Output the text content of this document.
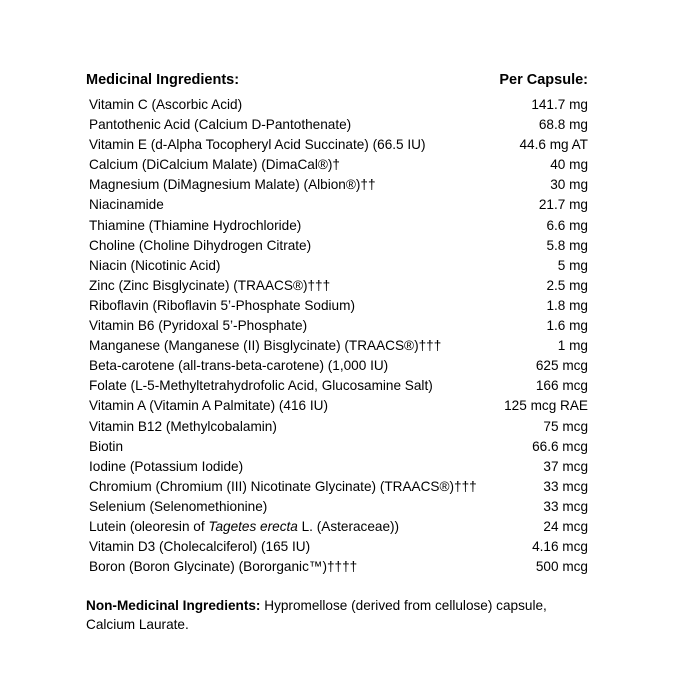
Medicinal Ingredients:	Per Capsule:
Vitamin C (Ascorbic Acid)	141.7 mg
Pantothenic Acid (Calcium D-Pantothenate)	68.8 mg
Vitamin E (d-Alpha Tocopheryl Acid Succinate) (66.5 IU)	44.6 mg AT
Calcium (DiCalcium Malate) (DimaCal®)†	40 mg
Magnesium (DiMagnesium Malate) (Albion®)††	30 mg
Niacinamide	21.7 mg
Thiamine (Thiamine Hydrochloride)	6.6 mg
Choline (Choline Dihydrogen Citrate)	5.8 mg
Niacin (Nicotinic Acid)	5 mg
Zinc (Zinc Bisglycinate) (TRAACS®)†††	2.5 mg
Riboflavin (Riboflavin 5’-Phosphate Sodium)	1.8 mg
Vitamin B6 (Pyridoxal 5’-Phosphate)	1.6 mg
Manganese (Manganese (II) Bisglycinate) (TRAACS®)†††	1 mg
Beta-carotene (all-trans-beta-carotene) (1,000 IU)	625 mcg
Folate (L-5-Methyltetrahydrofolic Acid, Glucosamine Salt)	166 mcg
Vitamin A (Vitamin A Palmitate) (416 IU)	125 mcg RAE
Vitamin B12 (Methylcobalamin)	75 mcg
Biotin	66.6 mcg
Iodine (Potassium Iodide)	37 mcg
Chromium (Chromium (III) Nicotinate Glycinate) (TRAACS®)†††	33 mcg
Selenium (Selenomethionine)	33 mcg
Lutein (oleoresin of Tagetes erecta L. (Asteraceae))	24 mcg
Vitamin D3 (Cholecalciferol) (165 IU)	4.16 mcg
Boron (Boron Glycinate) (Bororganic™)††††	500 mcg
Non-Medicinal Ingredients: Hypromellose (derived from cellulose) capsule, Calcium Laurate.
